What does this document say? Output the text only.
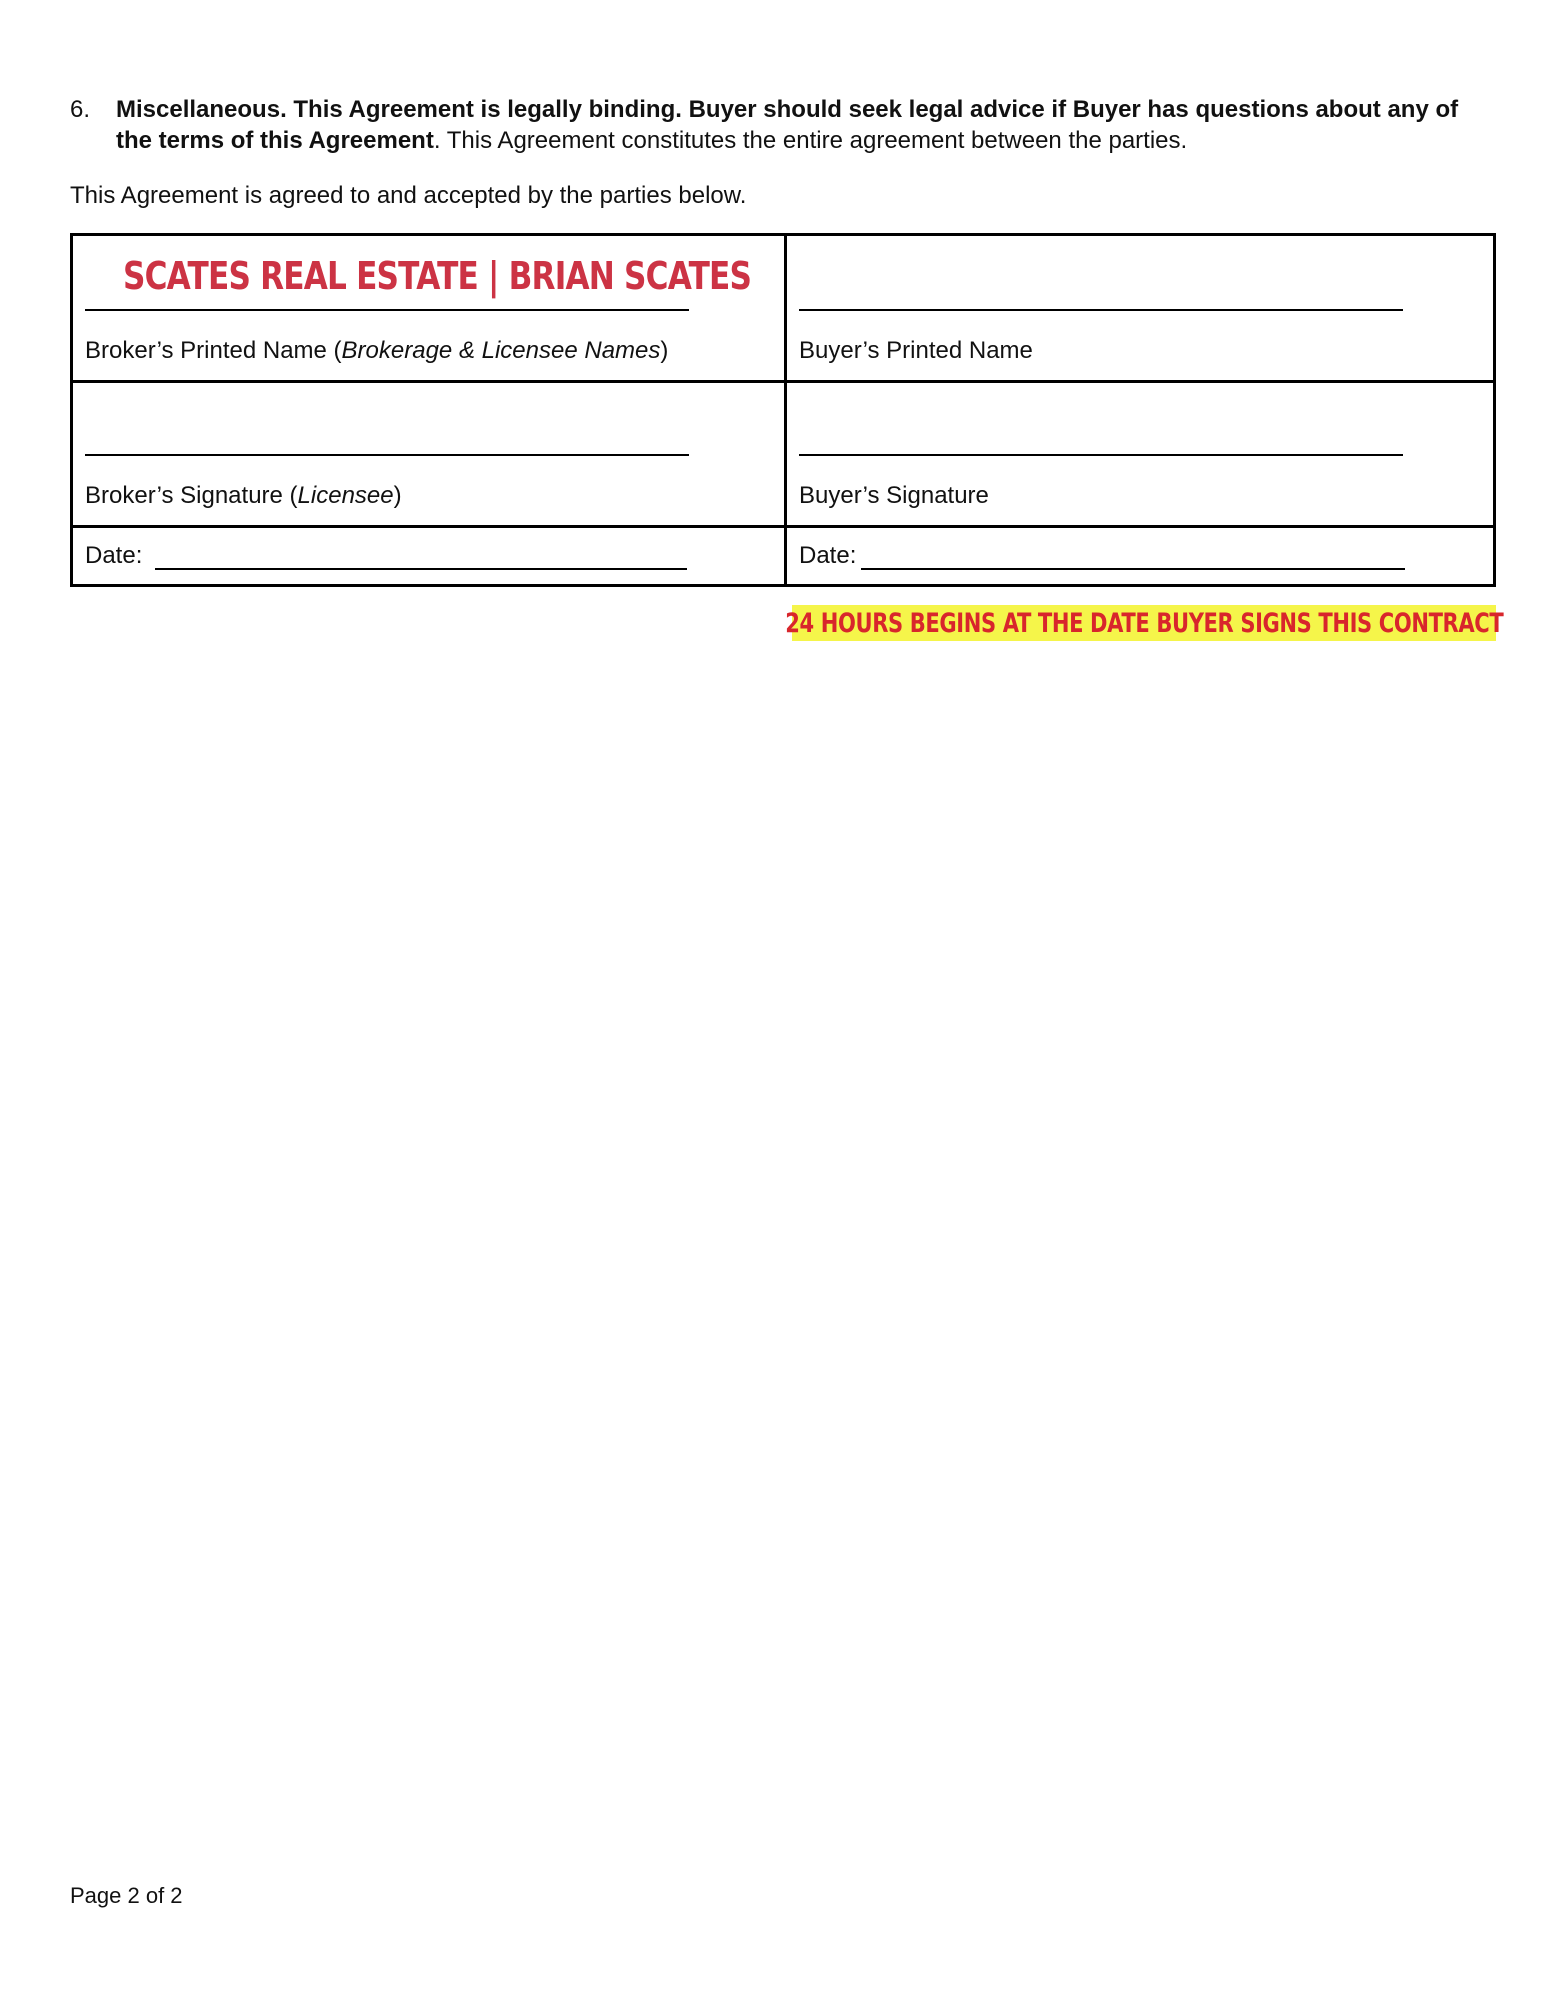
6. Miscellaneous. This Agreement is legally binding. Buyer should seek legal advice if Buyer has questions about any of the terms of this Agreement. This Agreement constitutes the entire agreement between the parties.
This Agreement is agreed to and accepted by the parties below.
SCATES REAL ESTATE | BRIAN SCATES
Broker’s Printed Name (Brokerage & Licensee Names)	Buyer’s Printed Name
Broker’s Signature (Licensee)	Buyer’s Signature
Date:	Date:
24 HOURS BEGINS AT THE DATE BUYER SIGNS THIS CONTRACT
Page 2 of 2
